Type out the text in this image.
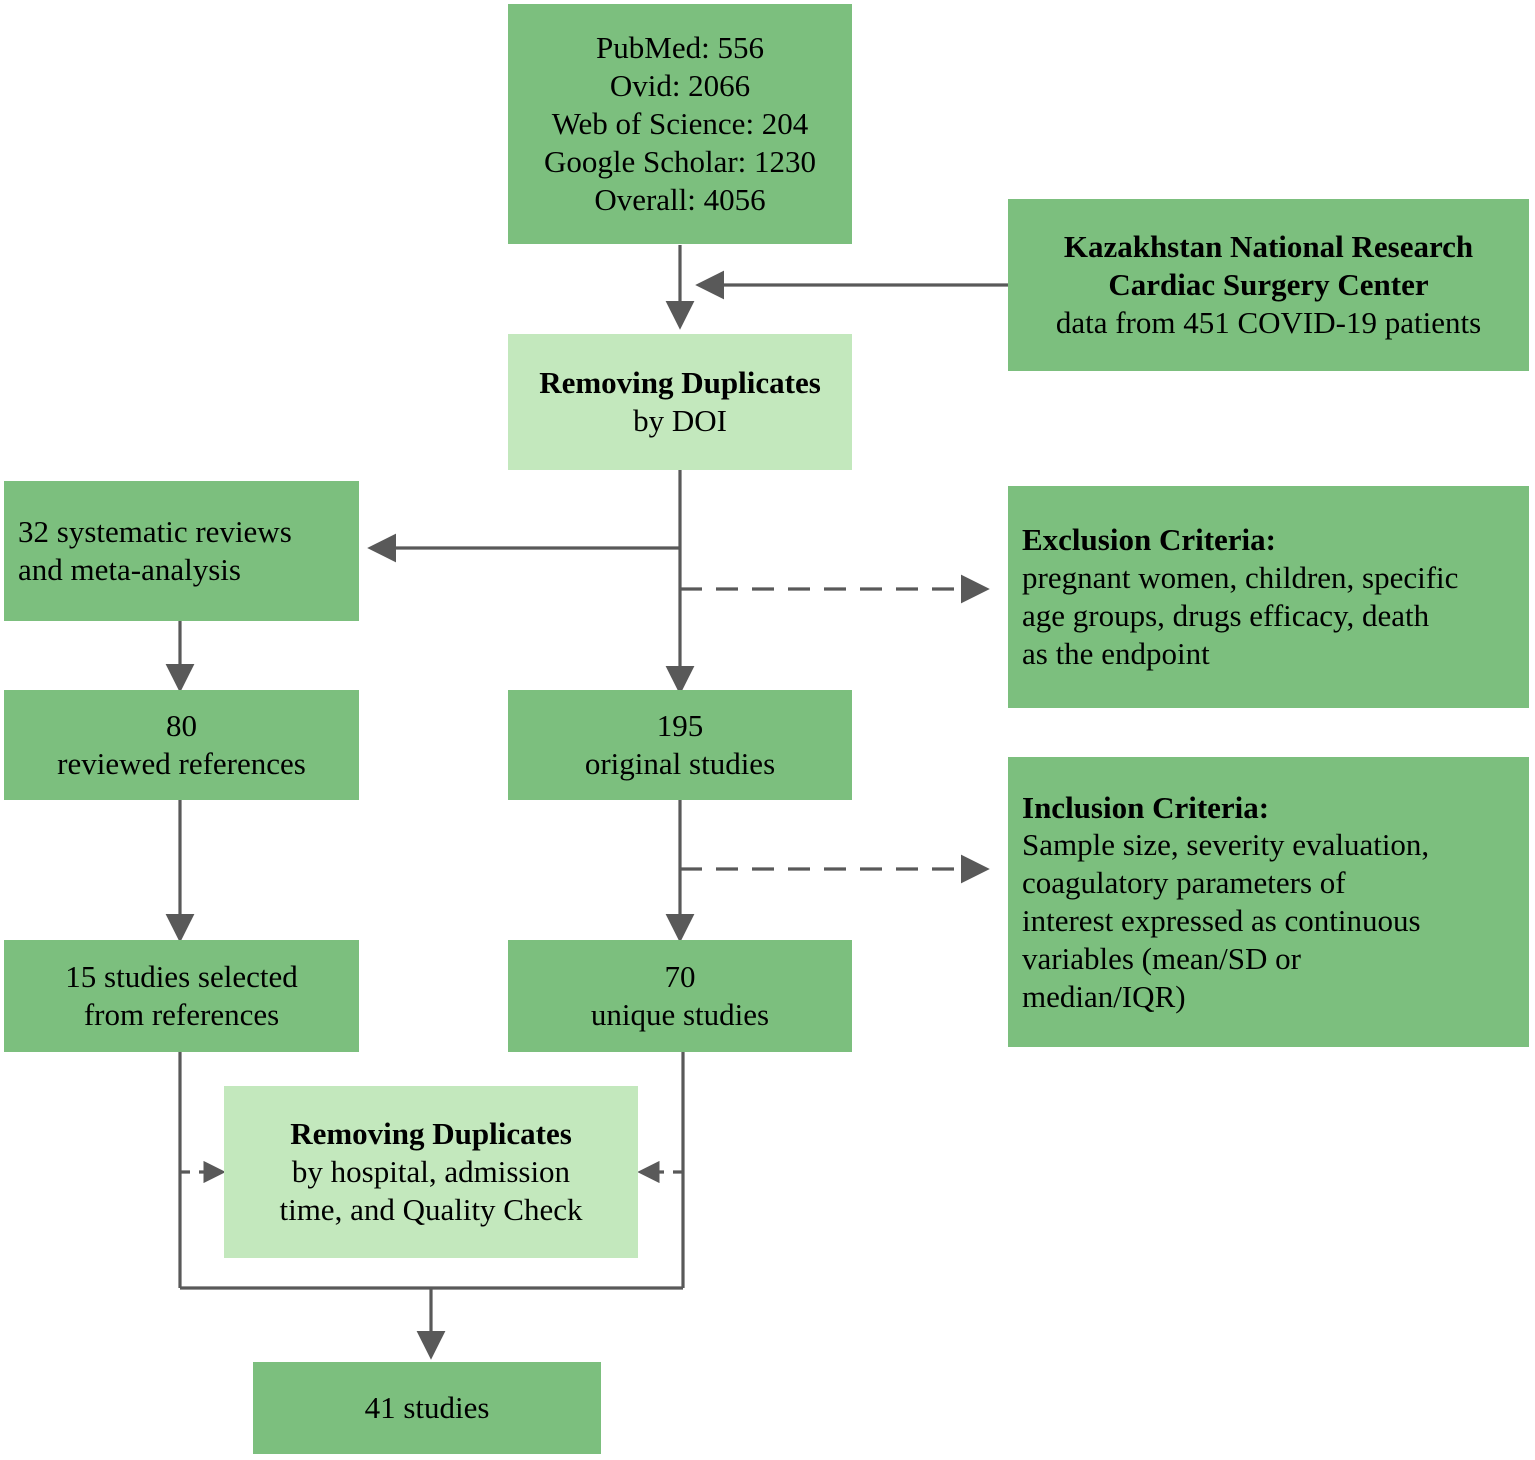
PubMed: 556
Ovid: 2066
Web of Science: 204
Google Scholar: 1230
Overall: 4056
Kazakhstan National Research
Cardiac Surgery Center
data from 451 COVID-19 patients
Removing Duplicates
by DOI
32 systematic reviews
and meta-analysis
Exclusion Criteria:
pregnant women, children, specific
age groups, drugs efficacy, death
as the endpoint
80
reviewed references
195
original studies
Inclusion Criteria:
Sample size, severity evaluation,
coagulatory parameters of
interest expressed as continuous
variables (mean/SD or
median/IQR)
15 studies selected
from references
70
unique studies
Removing Duplicates
by hospital, admission
time, and Quality Check
41 studies
